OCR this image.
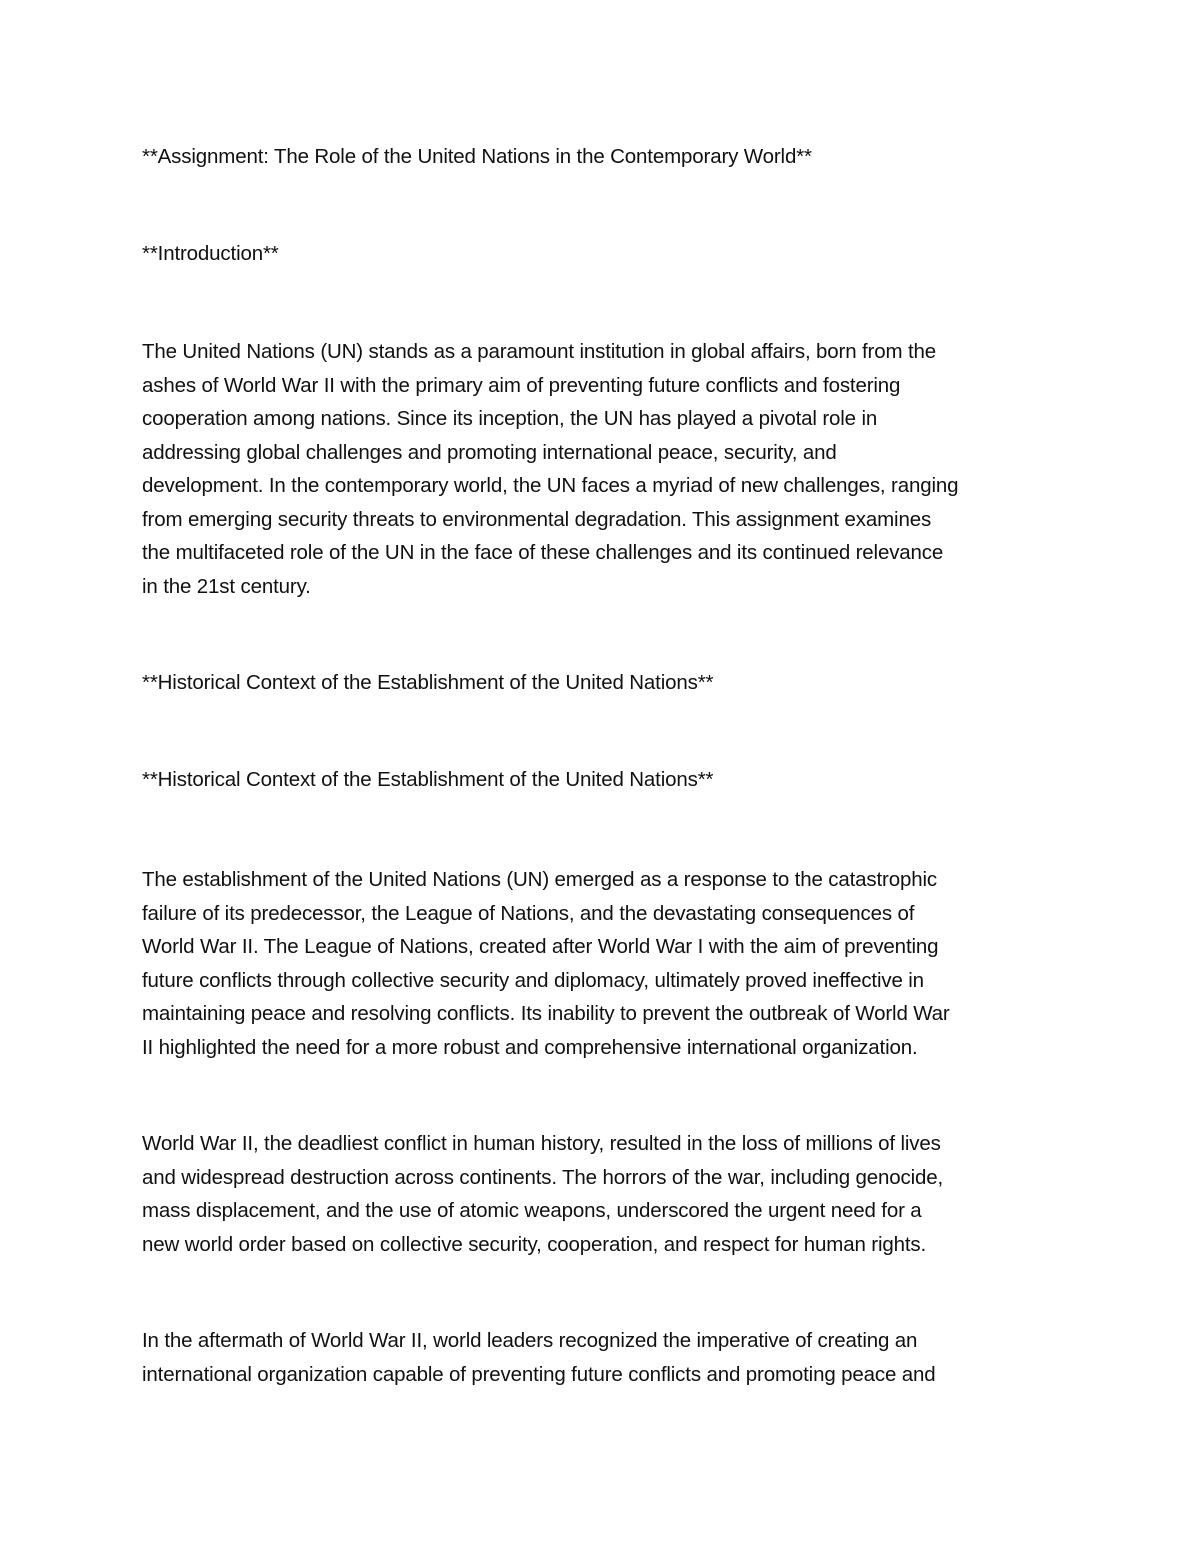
**Assignment: The Role of the United Nations in the Contemporary World**

**Introduction**

The United Nations (UN) stands as a paramount institution in global affairs, born from the
ashes of World War II with the primary aim of preventing future conflicts and fostering
cooperation among nations. Since its inception, the UN has played a pivotal role in
addressing global challenges and promoting international peace, security, and
development. In the contemporary world, the UN faces a myriad of new challenges, ranging
from emerging security threats to environmental degradation. This assignment examines
the multifaceted role of the UN in the face of these challenges and its continued relevance
in the 21st century.

**Historical Context of the Establishment of the United Nations**

**Historical Context of the Establishment of the United Nations**

The establishment of the United Nations (UN) emerged as a response to the catastrophic
failure of its predecessor, the League of Nations, and the devastating consequences of
World War II. The League of Nations, created after World War I with the aim of preventing
future conflicts through collective security and diplomacy, ultimately proved ineffective in
maintaining peace and resolving conflicts. Its inability to prevent the outbreak of World War
II highlighted the need for a more robust and comprehensive international organization.
World War II, the deadliest conflict in human history, resulted in the loss of millions of lives
and widespread destruction across continents. The horrors of the war, including genocide,
mass displacement, and the use of atomic weapons, underscored the urgent need for a
new world order based on collective security, cooperation, and respect for human rights.
In the aftermath of World War II, world leaders recognized the imperative of creating an
international organization capable of preventing future conflicts and promoting peace and
